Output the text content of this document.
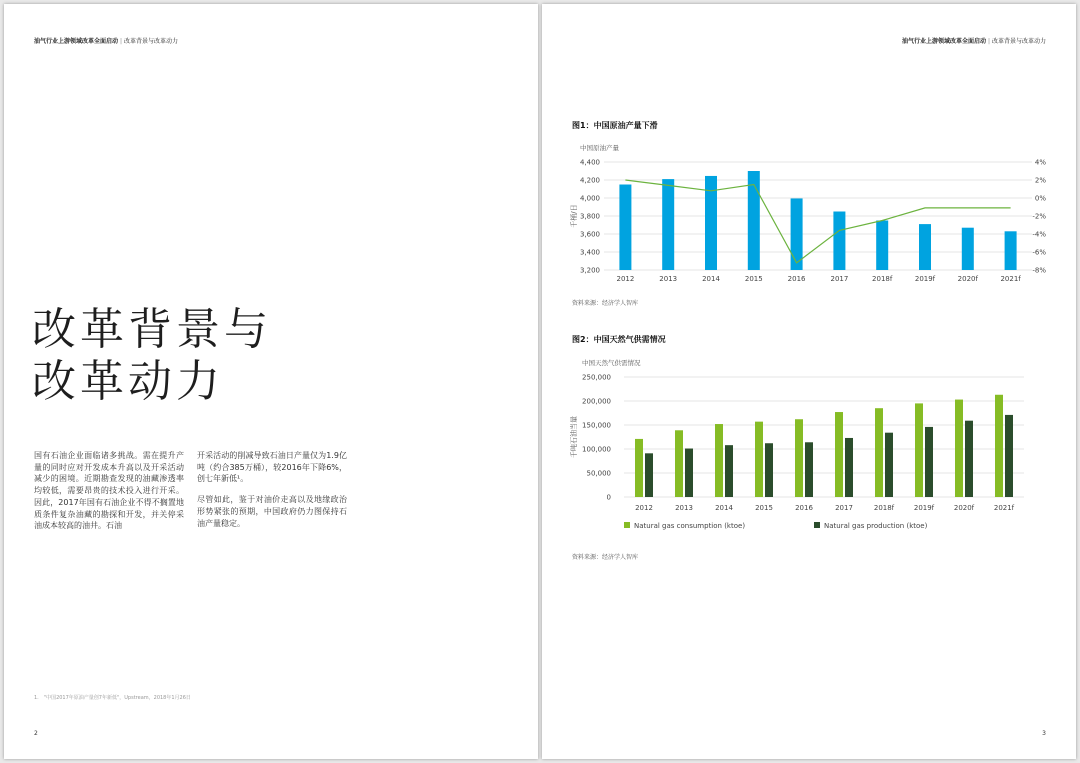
油气行业上游领域改革全面启动 | 改革背景与改革动力
改革背景与
改革动力

国有石油企业面临诸多挑战。需在提升产量的同时应对开发成本升高以及开采活动减少的困境。近期勘查发现的油藏渗透率均较低，需要昂贵的技术投入进行开采。因此，2017年国有石油企业不得不搁置地质条件复杂油藏的勘探和开发，并关停采油成本较高的油井。石油

开采活动的削减导致石油日产量仅为1.9亿吨（约合385万桶），较2016年下降6%，创七年新低¹。

尽管如此，鉴于对油价走高以及地缘政治形势紧张的预期，中国政府仍力图保持石油产量稳定。

1.　"中国2017年原油产量创7年新低"，Upstream，2018年1月26日
2
油气行业上游领域改革全面启动 | 改革背景与改革动力
图1：中国原油产量下滑
中国原油产量
千桶/日
3,200
3,400
3,600
3,800
4,000
4,200
4,400
-8%
-6%
-4%
-2%
0%
2%
4%
2012	2013	2014	2015	2016	2017	2018f	2019f	2020f	2021f
资料来源：经济学人智库
图2：中国天然气供需情况
中国天然气供需情况
千吨石油当量
0
50,000
100,000
150,000
200,000
250,000
2012	2013	2014	2015	2016	2017	2018f	2019f	2020f	2021f
Natural gas consumption (ktoe)	Natural gas production (ktoe)
资料来源：经济学人智库
3
